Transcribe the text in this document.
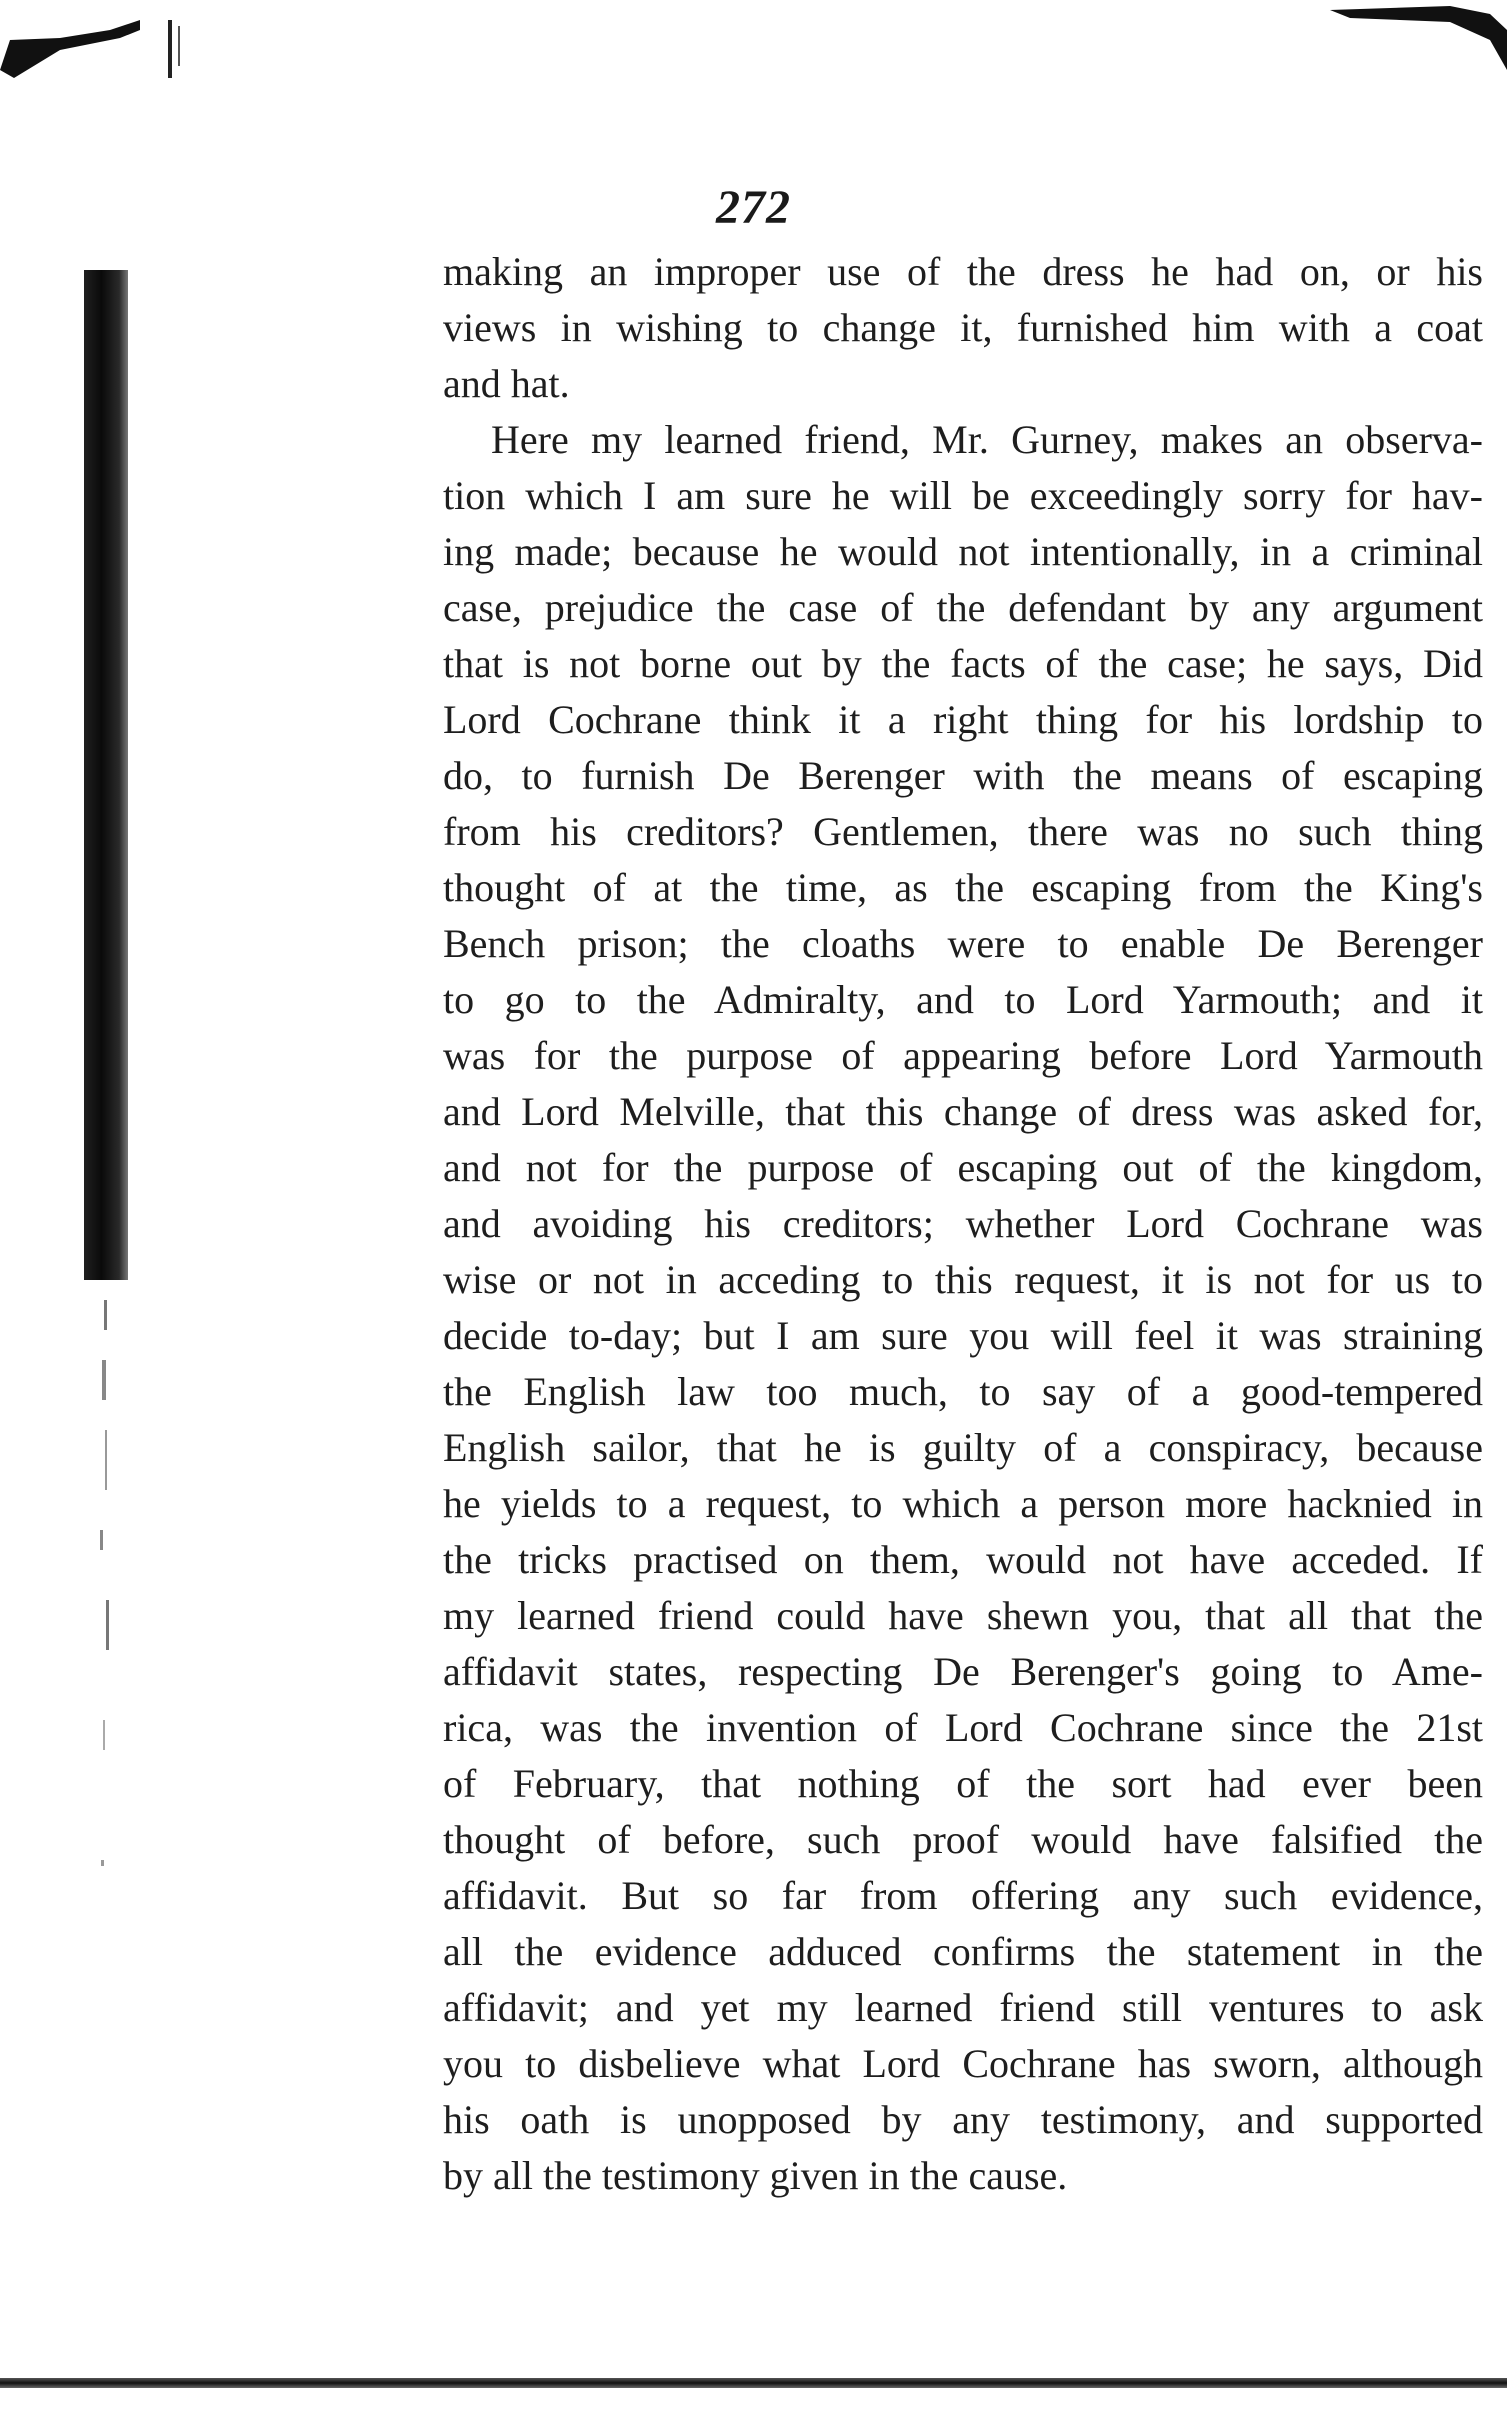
272
making an improper use of the dress he had on, or his
views in wishing to change it, furnished him with a coat
and hat.
Here my learned friend, Mr. Gurney, makes an observa-
tion which I am sure he will be exceedingly sorry for hav-
ing made; because he would not intentionally, in a criminal
case, prejudice the case of the defendant by any argument
that is not borne out by the facts of the case; he says, Did
Lord Cochrane think it a right thing for his lordship to
do, to furnish De Berenger with the means of escaping
from his creditors? Gentlemen, there was no such thing
thought of at the time, as the escaping from the King's
Bench prison; the cloaths were to enable De Berenger
to go to the Admiralty, and to Lord Yarmouth; and it
was for the purpose of appearing before Lord Yarmouth
and Lord Melville, that this change of dress was asked for,
and not for the purpose of escaping out of the kingdom,
and avoiding his creditors; whether Lord Cochrane was
wise or not in acceding to this request, it is not for us to
decide to-day; but I am sure you will feel it was straining
the English law too much, to say of a good-tempered
English sailor, that he is guilty of a conspiracy, because
he yields to a request, to which a person more hacknied in
the tricks practised on them, would not have acceded. If
my learned friend could have shewn you, that all that the
affidavit states, respecting De Berenger's going to Ame-
rica, was the invention of Lord Cochrane since the 21st
of February, that nothing of the sort had ever been
thought of before, such proof would have falsified the
affidavit. But so far from offering any such evidence,
all the evidence adduced confirms the statement in the
affidavit; and yet my learned friend still ventures to ask
you to disbelieve what Lord Cochrane has sworn, although
his oath is unopposed by any testimony, and supported
by all the testimony given in the cause.
